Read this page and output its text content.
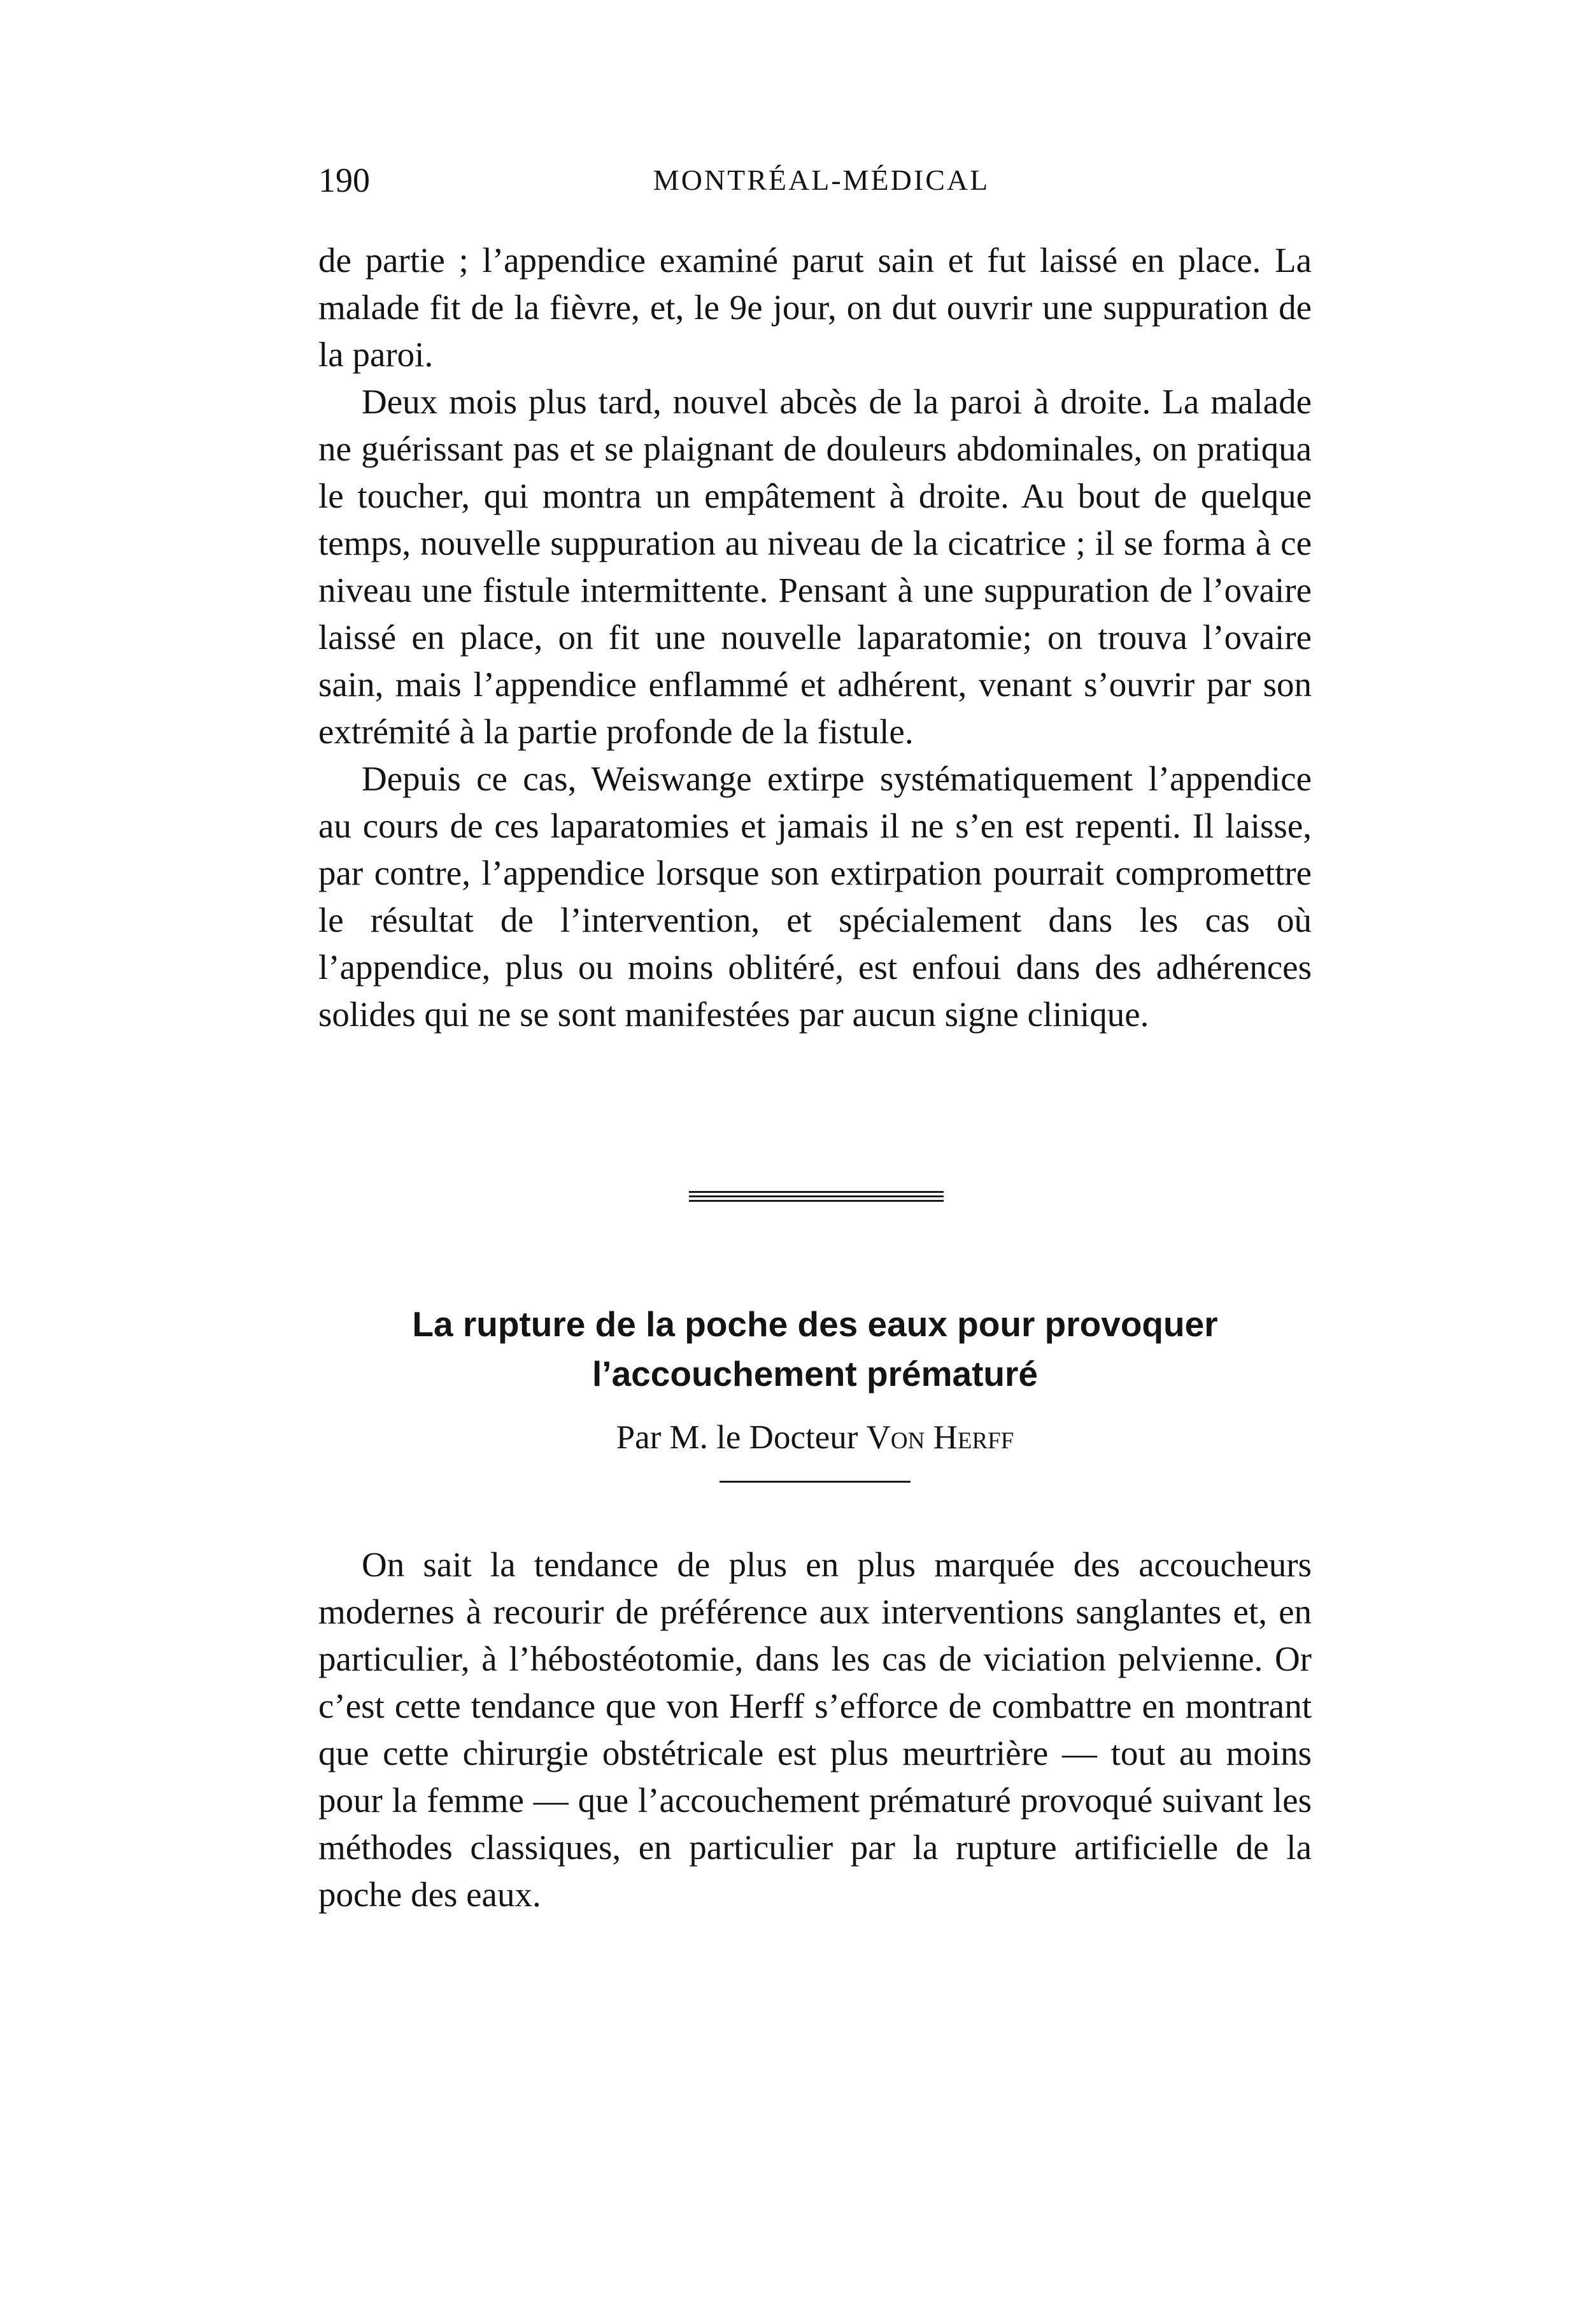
190	MONTRÉAL-MÉDICAL

de partie ; l’appendice examiné parut sain et fut laissé en place. La malade fit de la fièvre, et, le 9e jour, on dut ouvrir une suppuration de la paroi.

Deux mois plus tard, nouvel abcès de la paroi à droite. La malade ne guérissant pas et se plaignant de douleurs abdominales, on pratiqua le toucher, qui montra un empâtement à droite. Au bout de quelque temps, nouvelle suppuration au niveau de la cicatrice ; il se forma à ce niveau une fistule intermittente. Pensant à une suppuration de l’ovaire laissé en place, on fit une nouvelle laparatomie; on trouva l’ovaire sain, mais l’appendice enflammé et adhérent, venant s’ouvrir par son extrémité à la partie profonde de la fistule.

Depuis ce cas, Weiswange extirpe systématiquement l’appendice au cours de ces laparatomies et jamais il ne s’en est repenti. Il laisse, par contre, l’appendice lorsque son extirpation pourrait compromettre le résultat de l’intervention, et spécialement dans les cas où l’appendice, plus ou moins oblitéré, est enfoui dans des adhérences solides qui ne se sont manifestées par aucun signe clinique.

La rupture de la poche des eaux pour provoquer
l’accouchement prématuré
Par M. le Docteur Von Herff

On sait la tendance de plus en plus marquée des accoucheurs modernes à recourir de préférence aux interventions sanglantes et, en particulier, à l’hébostéotomie, dans les cas de viciation pelvienne. Or c’est cette tendance que von Herff s’efforce de combattre en montrant que cette chirurgie obstétricale est plus meurtrière — tout au moins pour la femme — que l’accouchement prématuré provoqué suivant les méthodes classiques, en particulier par la rupture artificielle de la poche des eaux.
